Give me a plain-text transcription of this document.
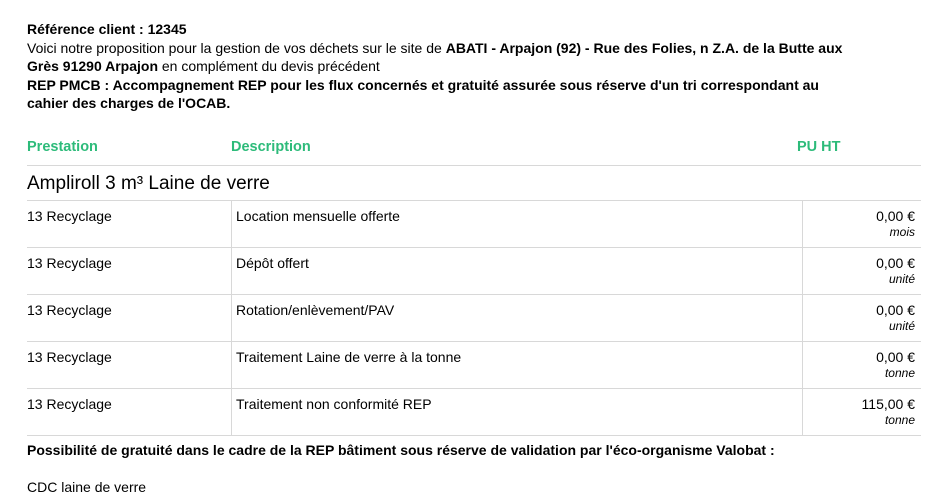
Référence client : 12345
Voici notre proposition pour la gestion de vos déchets sur le site de ABATI - Arpajon (92) - Rue des Folies, n Z.A. de la Butte aux
Grès 91290 Arpajon en complément du devis précédent
REP PMCB : Accompagnement REP pour les flux concernés et gratuité assurée sous réserve d'un tri correspondant au
cahier des charges de l'OCAB.
Prestation	Description	PU HT
Ampliroll 3 m³ Laine de verre
13 Recyclage	Location mensuelle offerte	0,00 €
mois
13 Recyclage	Dépôt offert	0,00 €
unité
13 Recyclage	Rotation/enlèvement/PAV	0,00 €
unité
13 Recyclage	Traitement Laine de verre à la tonne	0,00 €
tonne
13 Recyclage	Traitement non conformité REP	115,00 €
tonne
Possibilité de gratuité dans le cadre de la REP bâtiment sous réserve de validation par l'éco-organisme Valobat :
CDC laine de verre
